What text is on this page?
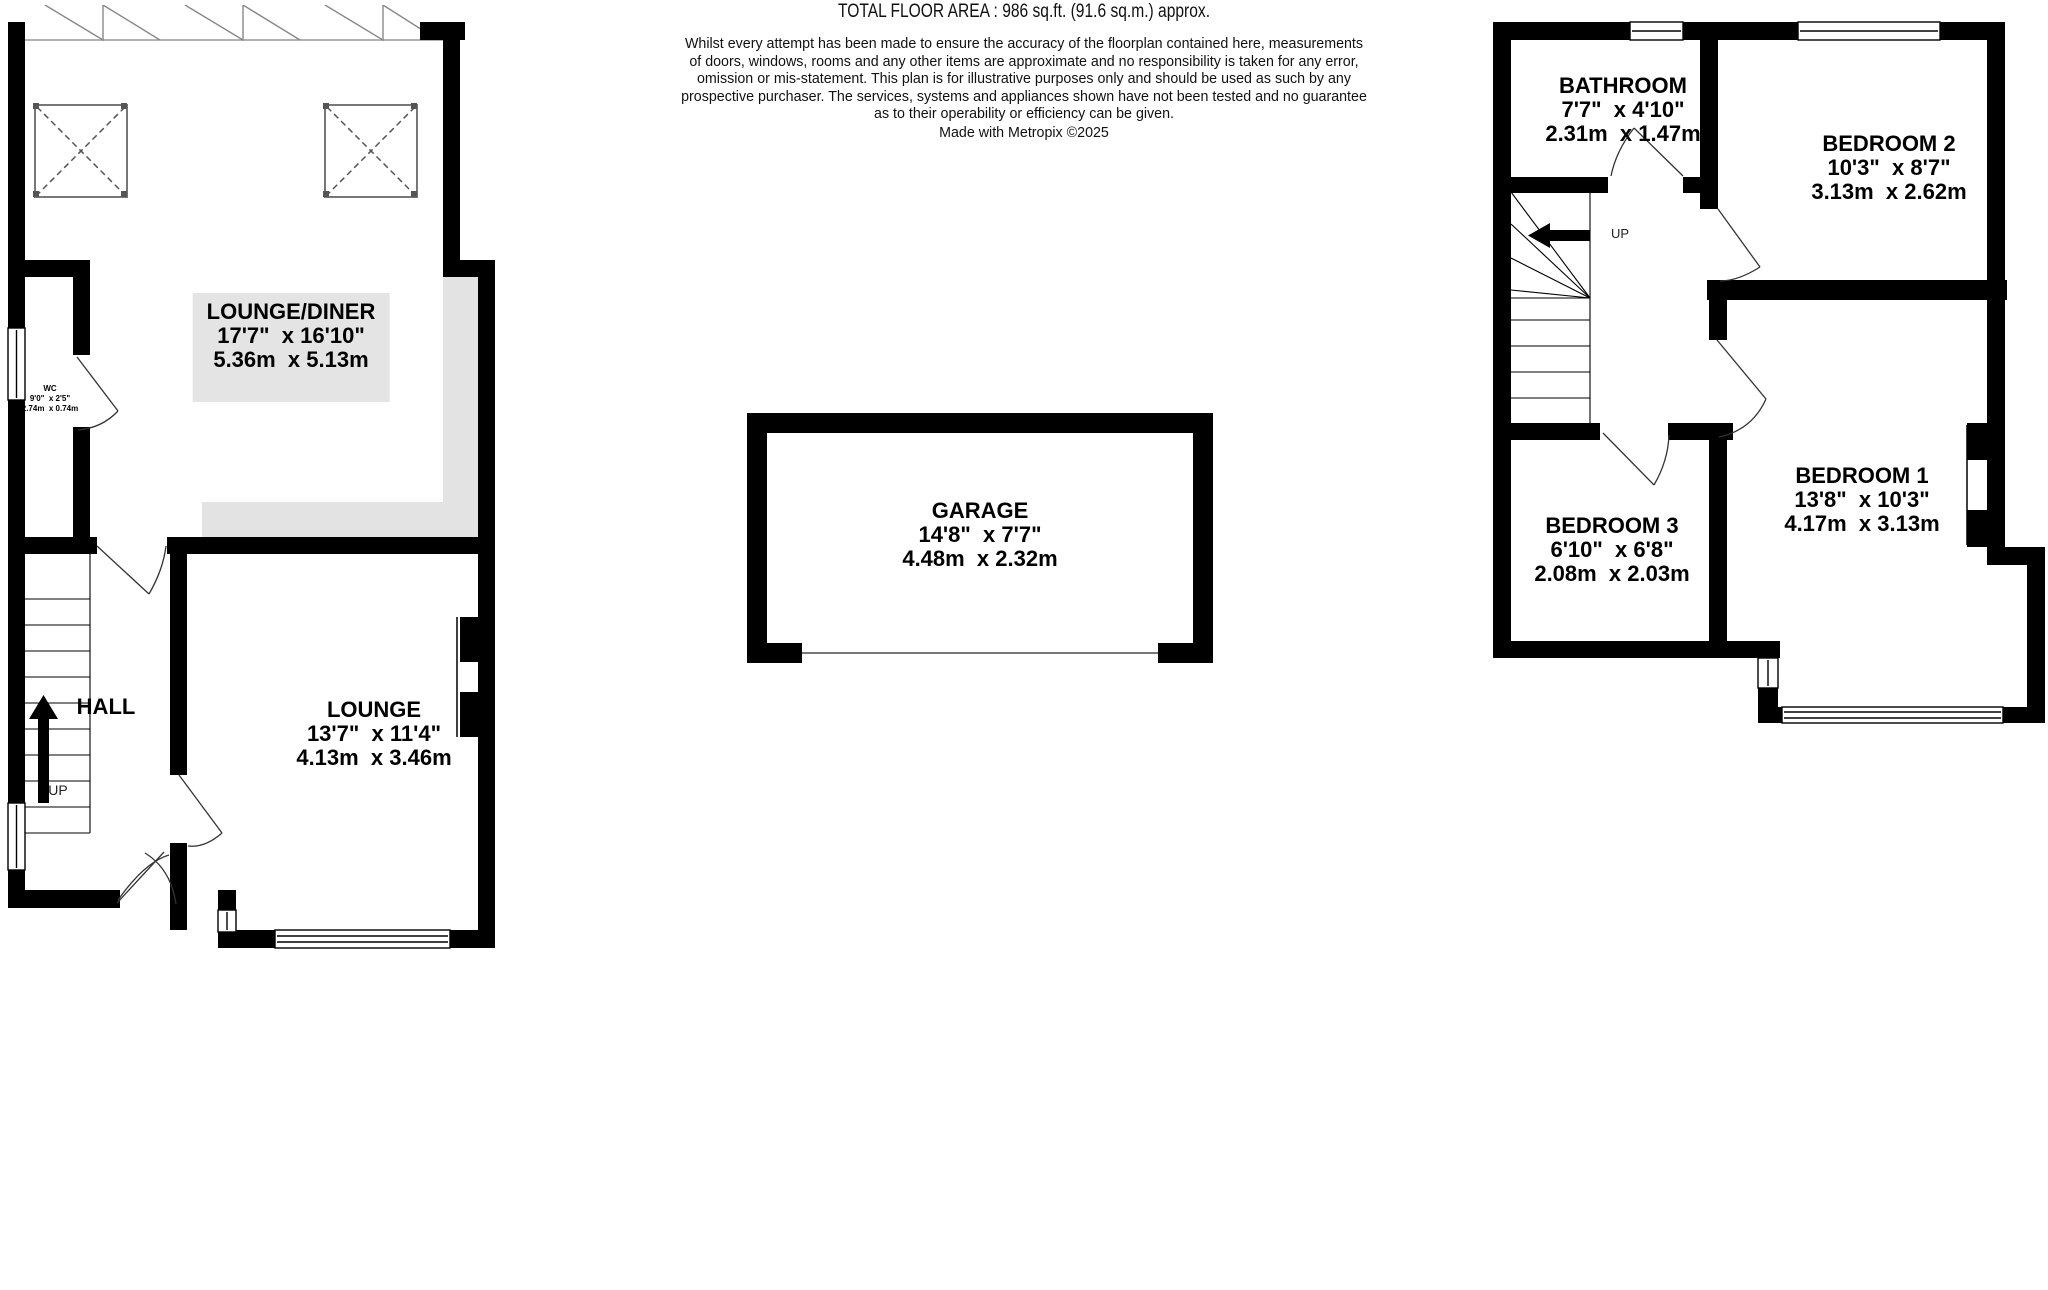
LOUNGE/DINER
17'7"  x 16'10"
5.36m  x 5.13m
WC
9'0"  x 2'5"
2.74m  x 0.74m
HALL
UP
LOUNGE
13'7"  x 11'4"
4.13m  x 3.46m
GARAGE
14'8"  x 7'7"
4.48m  x 2.32m
BATHROOM
7'7"  x 4'10"
2.31m  x 1.47m	BEDROOM 2
10'3"  x 8'7"
3.13m  x 2.62m
UP
BEDROOM 1
13'8"  x 10'3"
4.17m  x 3.13m
BEDROOM 3
6'10"  x 6'8"
2.08m  x 2.03m
TOTAL FLOOR AREA : 986 sq.ft. (91.6 sq.m.) approx.
Whilst every attempt has been made to ensure the accuracy of the floorplan contained here, measurements
of doors, windows, rooms and any other items are approximate and no responsibility is taken for any error,
omission or mis-statement. This plan is for illustrative purposes only and should be used as such by any
prospective purchaser. The services, systems and appliances shown have not been tested and no guarantee
as to their operability or efficiency can be given.
Made with Metropix ©2025
